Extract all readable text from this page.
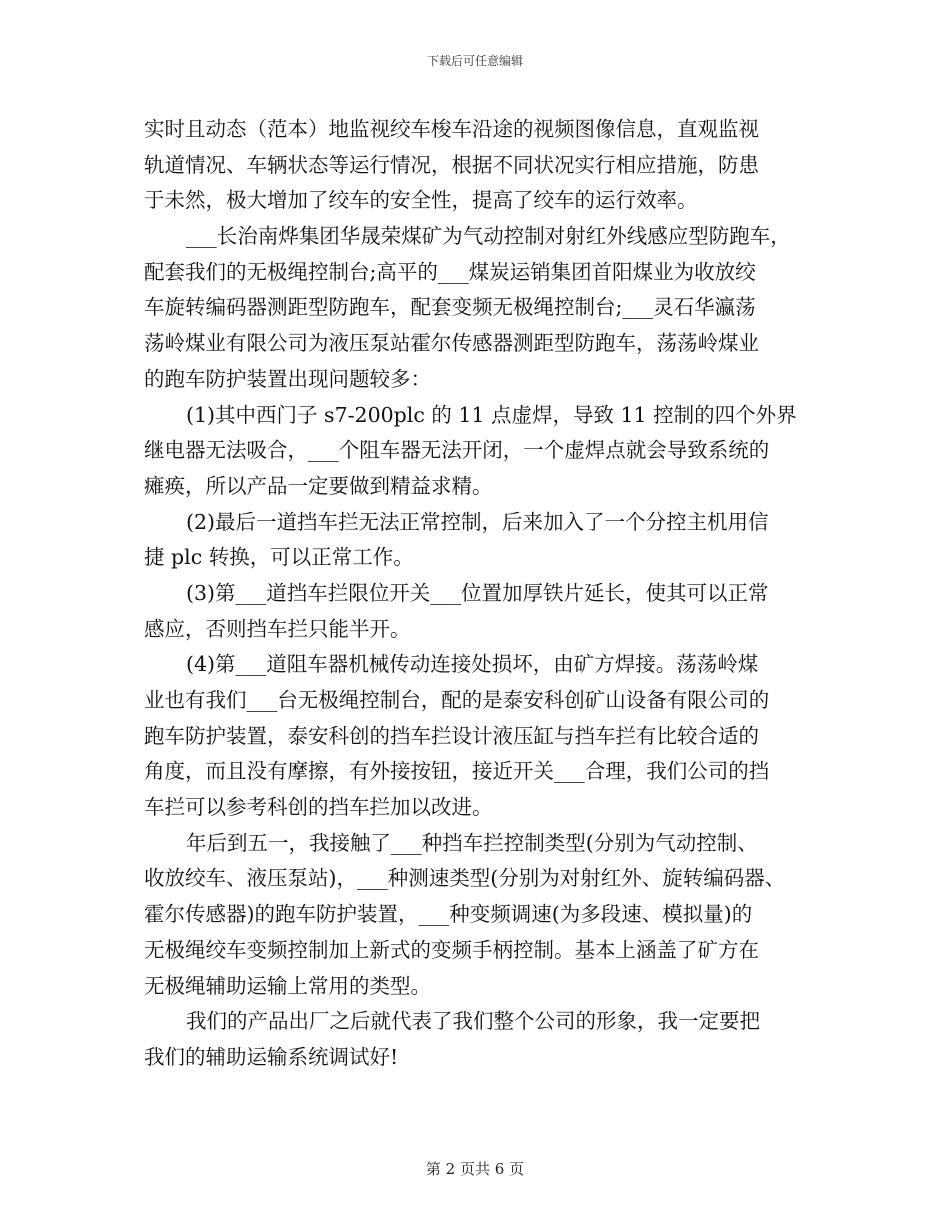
下载后可任意编辑
实时且动态（范本）地监视绞车梭车沿途的视频图像信息，直观监视
轨道情况、车辆状态等运行情况，根据不同状况实行相应措施，防患
于未然，极大增加了绞车的安全性，提高了绞车的运行效率。
___长治南烨集团华晟荣煤矿为气动控制对射红外线感应型防跑车，
配套我们的无极绳控制台;高平的___煤炭运销集团首阳煤业为收放绞
车旋转编码器测距型防跑车，配套变频无极绳控制台;___灵石华瀛荡
荡岭煤业有限公司为液压泵站霍尔传感器测距型防跑车，荡荡岭煤业
的跑车防护装置出现问题较多：
(1)其中西门子 s7-200plc 的 11 点虚焊，导致 11 控制的四个外界
继电器无法吸合，___个阻车器无法开闭，一个虚焊点就会导致系统的
瘫痪，所以产品一定要做到精益求精。
(2)最后一道挡车拦无法正常控制，后来加入了一个分控主机用信
捷 plc 转换，可以正常工作。
(3)第___道挡车拦限位开关___位置加厚铁片延长，使其可以正常
感应，否则挡车拦只能半开。
(4)第___道阻车器机械传动连接处损坏，由矿方焊接。荡荡岭煤
业也有我们___台无极绳控制台，配的是泰安科创矿山设备有限公司的
跑车防护装置，泰安科创的挡车拦设计液压缸与挡车拦有比较合适的
角度，而且没有摩擦，有外接按钮，接近开关___合理，我们公司的挡
车拦可以参考科创的挡车拦加以改进。
年后到五一，我接触了___种挡车拦控制类型(分别为气动控制、
收放绞车、液压泵站)，___种测速类型(分别为对射红外、旋转编码器、
霍尔传感器)的跑车防护装置，___种变频调速(为多段速、模拟量)的
无极绳绞车变频控制加上新式的变频手柄控制。基本上涵盖了矿方在
无极绳辅助运输上常用的类型。
我们的产品出厂之后就代表了我们整个公司的形象，我一定要把
我们的辅助运输系统调试好!
第 2 页共 6 页
